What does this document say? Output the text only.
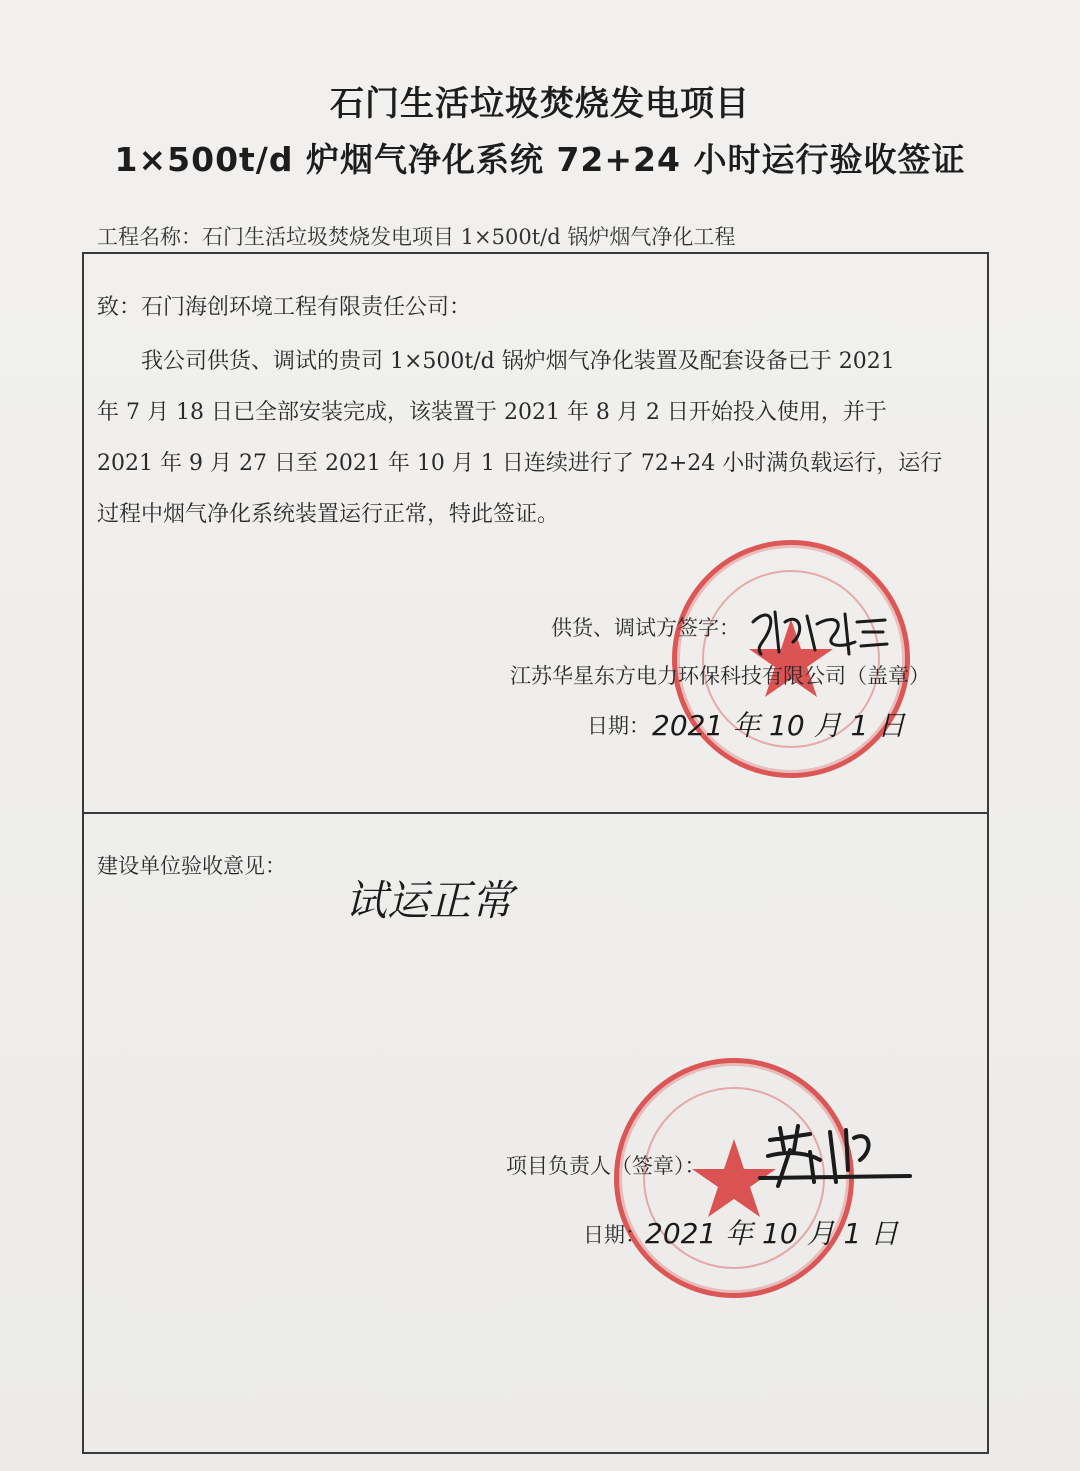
石门生活垃圾焚烧发电项目
1×500t/d 炉烟气净化系统 72+24 小时运行验收签证
工程名称：石门生活垃圾焚烧发电项目 1×500t/d 锅炉烟气净化工程
致：石门海创环境工程有限责任公司：
我公司供货、调试的贵司 1×500t/d 锅炉烟气净化装置及配套设备已于 2021
年 7 月 18 日已全部安装完成，该装置于 2021 年 8 月 2 日开始投入使用，并于
2021 年 9 月 27 日至 2021 年 10 月 1 日连续进行了 72+24 小时满负载运行，运行
过程中烟气净化系统装置运行正常，特此签证。
供货、调试方签字：
江苏华星东方电力环保科技有限公司（盖章）
日期： 2021 年 10 月 1 日
建设单位验收意见：
试运正常
项目负责人（签章）：
日期： 2021 年 10 月 1 日
